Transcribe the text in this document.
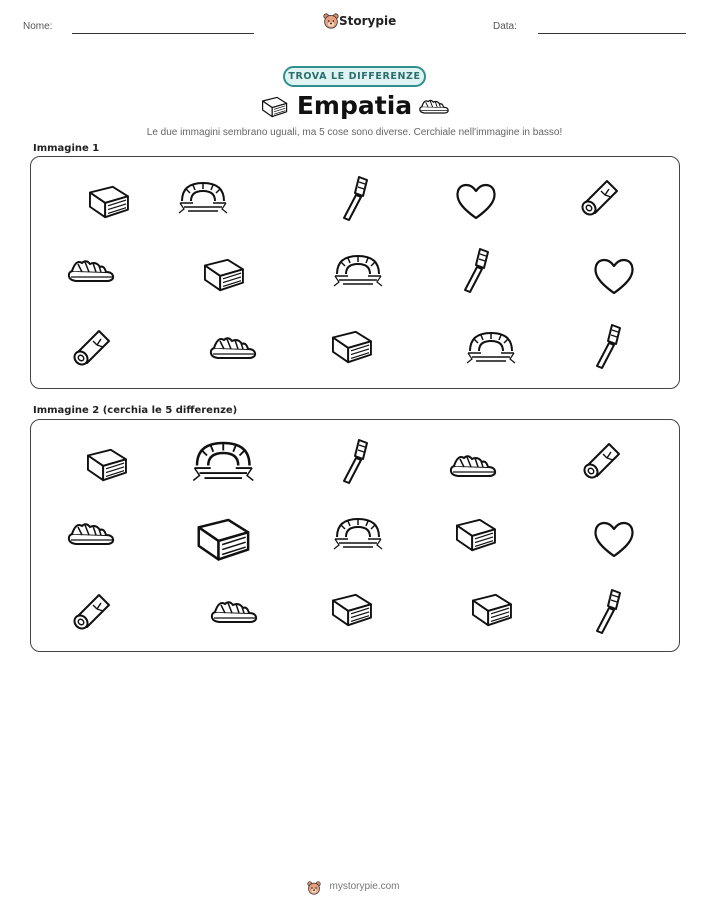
Nome:	Storypie	Data:
TROVA LE DIFFERENZE
Empatia
Le due immagini sembrano uguali, ma 5 cose sono diverse. Cerchiale nell'immagine in basso!
Immagine 1
Immagine 2 (cerchia le 5 differenze)
mystorypie.com
